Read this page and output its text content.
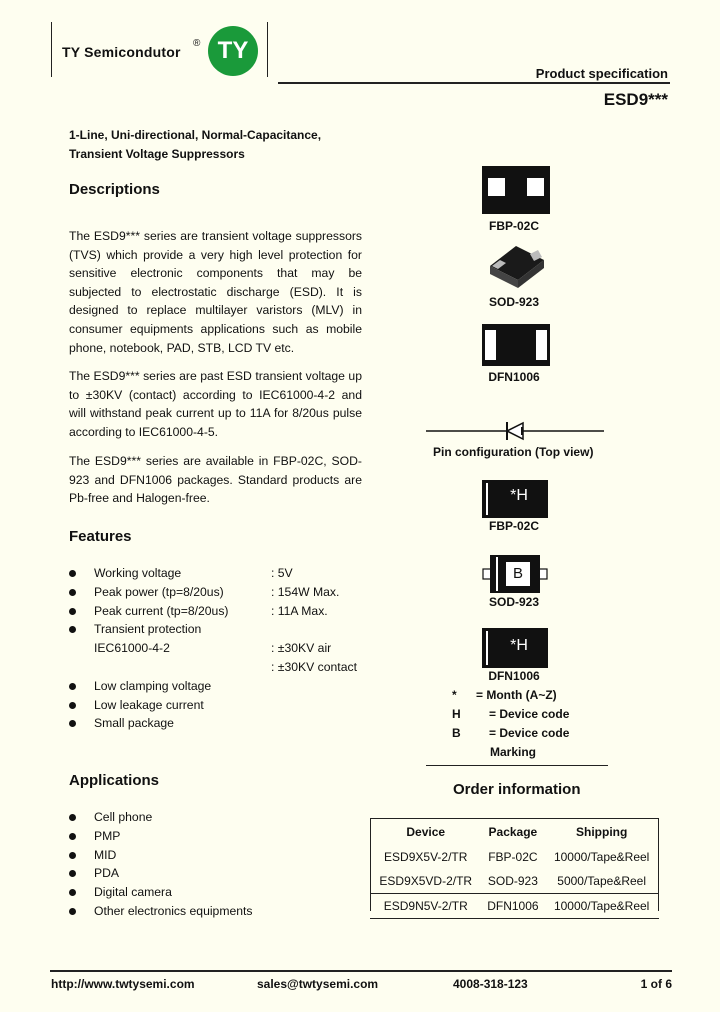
TY Semicondutor
® TY
Product specification
ESD9***
1-Line, Uni-directional, Normal-Capacitance,
Transient Voltage Suppressors
Descriptions
The ESD9*** series are transient voltage suppressors (TVS) which provide a very high level protection for sensitive electronic components that may be subjected to electrostatic discharge (ESD). It is designed to replace multilayer varistors (MLV) in consumer equipments applications such as mobile phone, notebook, PAD, STB, LCD TV etc.
The ESD9*** series are past ESD transient voltage up to ±30KV (contact) according to IEC61000-4-2 and will withstand peak current up to 11A for 8/20us pulse according to IEC61000-4-5.
The ESD9*** series are available in FBP-02C, SOD-923 and DFN1006 packages. Standard products are Pb-free and Halogen-free.
Features
Working voltage	: 5V
Peak power (tp=8/20us)	: 154W Max.
Peak current (tp=8/20us)	: 11A Max.
Transient protection
IEC61000-4-2	: ±30KV air
: ±30KV contact
Low clamping voltage
Low leakage current
Small package
Applications
Cell phone
PMP
MID
PDA
Digital camera
Other electronics equipments
FBP-02C
SOD-923
DFN1006
Pin configuration (Top view)
*H
FBP-02C
B
SOD-923
*H
DFN1006
* = Month (A~Z)
H = Device code
B = Device code
Marking
Order information
Device	Package	Shipping
ESD9X5V-2/TR	FBP-02C	10000/Tape&Reel
ESD9X5VD-2/TR	SOD-923	5000/Tape&Reel
ESD9N5V-2/TR	DFN1006	10000/Tape&Reel
http://www.twtysemi.com	sales@twtysemi.com	4008-318-123	1 of 6
